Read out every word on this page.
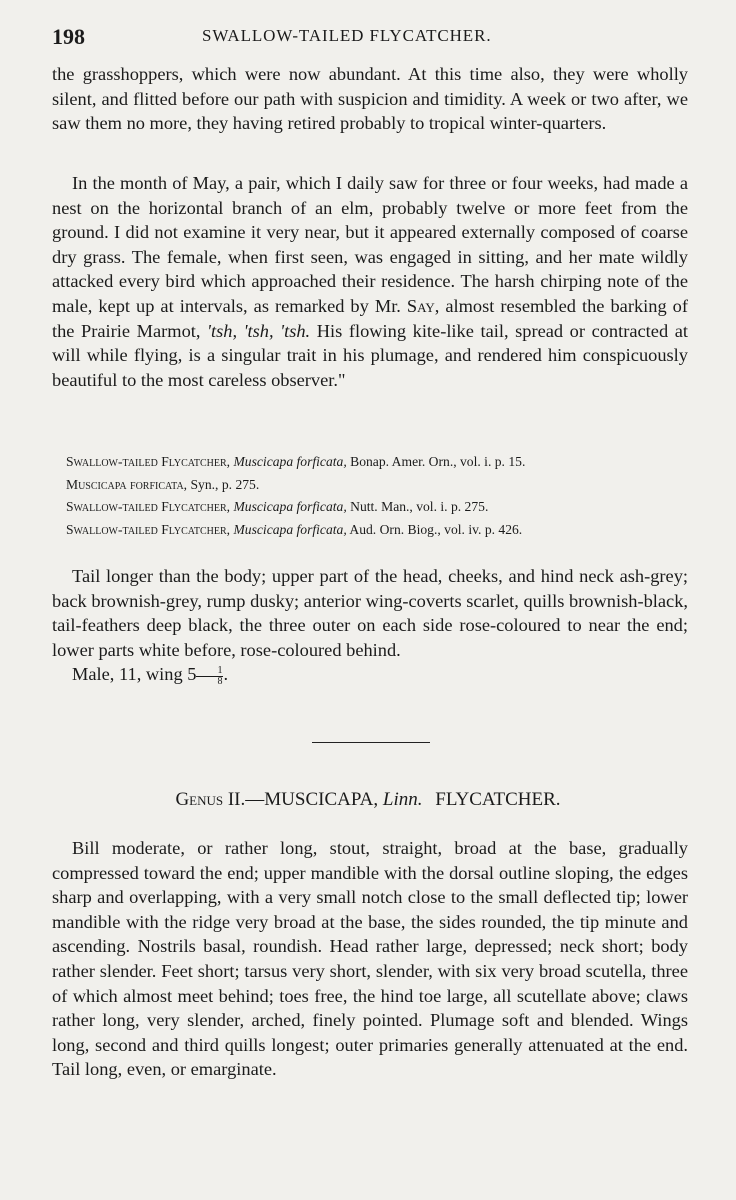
198	SWALLOW-TAILED FLYCATCHER.

the grasshoppers, which were now abundant. At this time also, they were wholly silent, and flitted before our path with suspicion and timidity. A week or two after, we saw them no more, they having retired probably to tropical winter-quarters.

In the month of May, a pair, which I daily saw for three or four weeks, had made a nest on the horizontal branch of an elm, probably twelve or more feet from the ground. I did not examine it very near, but it appeared externally composed of coarse dry grass. The female, when first seen, was engaged in sitting, and her mate wildly attacked every bird which approached their residence. The harsh chirping note of the male, kept up at intervals, as remarked by Mr. Say, almost resembled the barking of the Prairie Marmot, 'tsh, 'tsh, 'tsh. His flowing kite-like tail, spread or contracted at will while flying, is a singular trait in his plumage, and rendered him conspicuously beautiful to the most careless observer."

Swallow-tailed Flycatcher, Muscicapa forficata, Bonap. Amer. Orn., vol. i. p. 15.
Muscicapa forficata, Syn., p. 275.
Swallow-tailed Flycatcher, Muscicapa forficata, Nutt. Man., vol. i. p. 275.
Swallow-tailed Flycatcher, Muscicapa forficata, Aud. Orn. Biog., vol. iv. p. 426.

Tail longer than the body; upper part of the head, cheeks, and hind neck ash-grey; back brownish-grey, rump dusky; anterior wing-coverts scarlet, quills brownish-black, tail-feathers deep black, the three outer on each side rose-coloured to near the end; lower parts white before, rose-coloured behind.

Male, 11, wing $5 \frac{1}{8}$ .

Genus II.—MUSCICAPA, Linn. FLYCATCHER.

Bill moderate, or rather long, stout, straight, broad at the base, gradually compressed toward the end; upper mandible with the dorsal outline sloping, the edges sharp and overlapping, with a very small notch close to the small deflected tip; lower mandible with the ridge very broad at the base, the sides rounded, the tip minute and ascending. Nostrils basal, roundish. Head rather large, depressed; neck short; body rather slender. Feet short; tarsus very short, slender, with six very broad scutella, three of which almost meet behind; toes free, the hind toe large, all scutellate above; claws rather long, very slender, arched, finely pointed. Plumage soft and blended. Wings long, second and third quills longest; outer primaries generally attenuated at the end. Tail long, even, or emarginate.
